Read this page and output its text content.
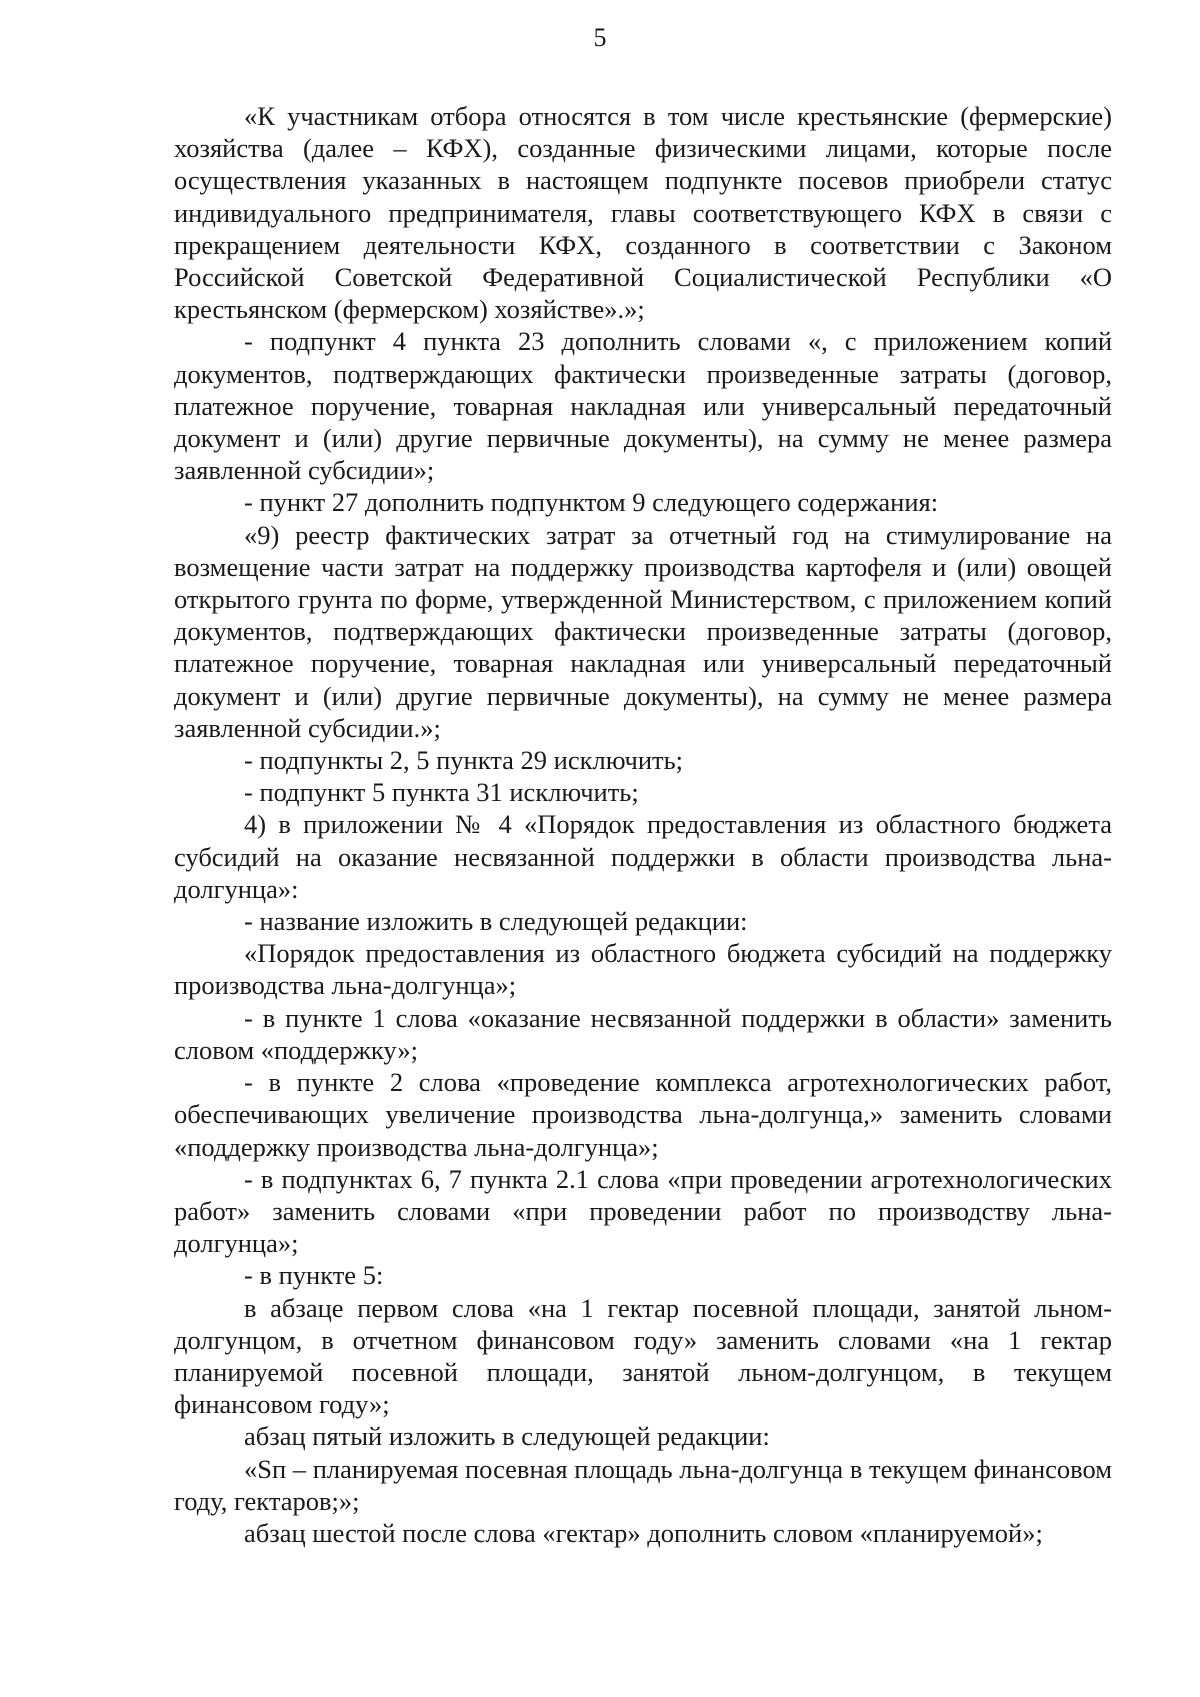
5

«К участникам отбора относятся в том числе крестьянские (фермерские) хозяйства (далее – КФХ), созданные физическими лицами, которые после осуществления указанных в настоящем подпункте посевов приобрели статус индивидуального предпринимателя, главы соответствующего КФХ в связи с прекращением деятельности КФХ, созданного в соответствии с Законом Российской Советской Федеративной Социалистической Республики «О крестьянском (фермерском) хозяйстве».»;

- подпункт 4 пункта 23 дополнить словами «, с приложением копий документов, подтверждающих фактически произведенные затраты (договор, платежное поручение, товарная накладная или универсальный передаточный документ и (или) другие первичные документы), на сумму не менее размера заявленной субсидии»;

- пункт 27 дополнить подпунктом 9 следующего содержания:

«9) реестр фактических затрат за отчетный год на стимулирование на возмещение части затрат на поддержку производства картофеля и (или) овощей открытого грунта по форме, утвержденной Министерством, с приложением копий документов, подтверждающих фактически произведенные затраты (договор, платежное поручение, товарная накладная или универсальный передаточный документ и (или) другие первичные документы), на сумму не менее размера заявленной субсидии.»;

- подпункты 2, 5 пункта 29 исключить;

- подпункт 5 пункта 31 исключить;

4) в приложении № 4 «Порядок предоставления из областного бюджета субсидий на оказание несвязанной поддержки в области производства льна-долгунца»:

- название изложить в следующей редакции:

«Порядок предоставления из областного бюджета субсидий на поддержку производства льна-долгунца»;

- в пункте 1 слова «оказание несвязанной поддержки в области» заменить словом «поддержку»;

- в пункте 2 слова «проведение комплекса агротехнологических работ, обеспечивающих увеличение производства льна-долгунца,» заменить словами «поддержку производства льна-долгунца»;

- в подпунктах 6, 7 пункта 2.1 слова «при проведении агротехнологических работ» заменить словами «при проведении работ по производству льна-долгунца»;

- в пункте 5:

в абзаце первом слова «на 1 гектар посевной площади, занятой льном-долгунцом, в отчетном финансовом году» заменить словами «на 1 гектар планируемой посевной площади, занятой льном-долгунцом, в текущем финансовом году»;

абзац пятый изложить в следующей редакции:

«Sп – планируемая посевная площадь льна-долгунца в текущем финансовом году, гектаров;»;

абзац шестой после слова «гектар» дополнить словом «планируемой»;
